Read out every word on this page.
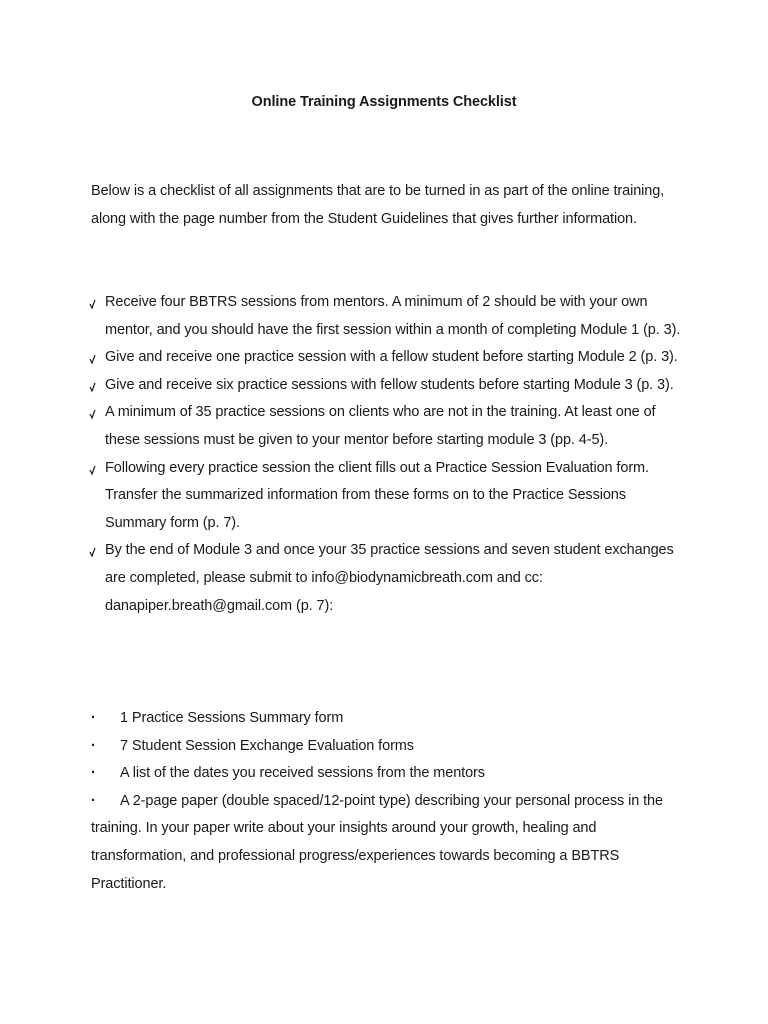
Online Training Assignments Checklist
Below is a checklist of all assignments that are to be turned in as part of the online training, along with the page number from the Student Guidelines that gives further information.
Receive four BBTRS sessions from mentors. A minimum of 2 should be with your own mentor, and you should have the first session within a month of completing Module 1 (p. 3).
Give and receive one practice session with a fellow student before starting Module 2 (p. 3).
Give and receive six practice sessions with fellow students before starting Module 3 (p. 3).
A minimum of 35 practice sessions on clients who are not in the training. At least one of these sessions must be given to your mentor before starting module 3 (pp. 4-5).
Following every practice session the client fills out a Practice Session Evaluation form. Transfer the summarized information from these forms on to the Practice Sessions Summary form (p. 7).
By the end of Module 3 and once your 35 practice sessions and seven student exchanges are completed, please submit to info@biodynamicbreath.com and cc: danapiper.breath@gmail.com (p. 7):
· 1 Practice Sessions Summary form
· 7 Student Session Exchange Evaluation forms
· A list of the dates you received sessions from the mentors
· A 2-page paper (double spaced/12-point type) describing your personal process in the training. In your paper write about your insights around your growth, healing and transformation, and professional progress/experiences towards becoming a BBTRS Practitioner.
